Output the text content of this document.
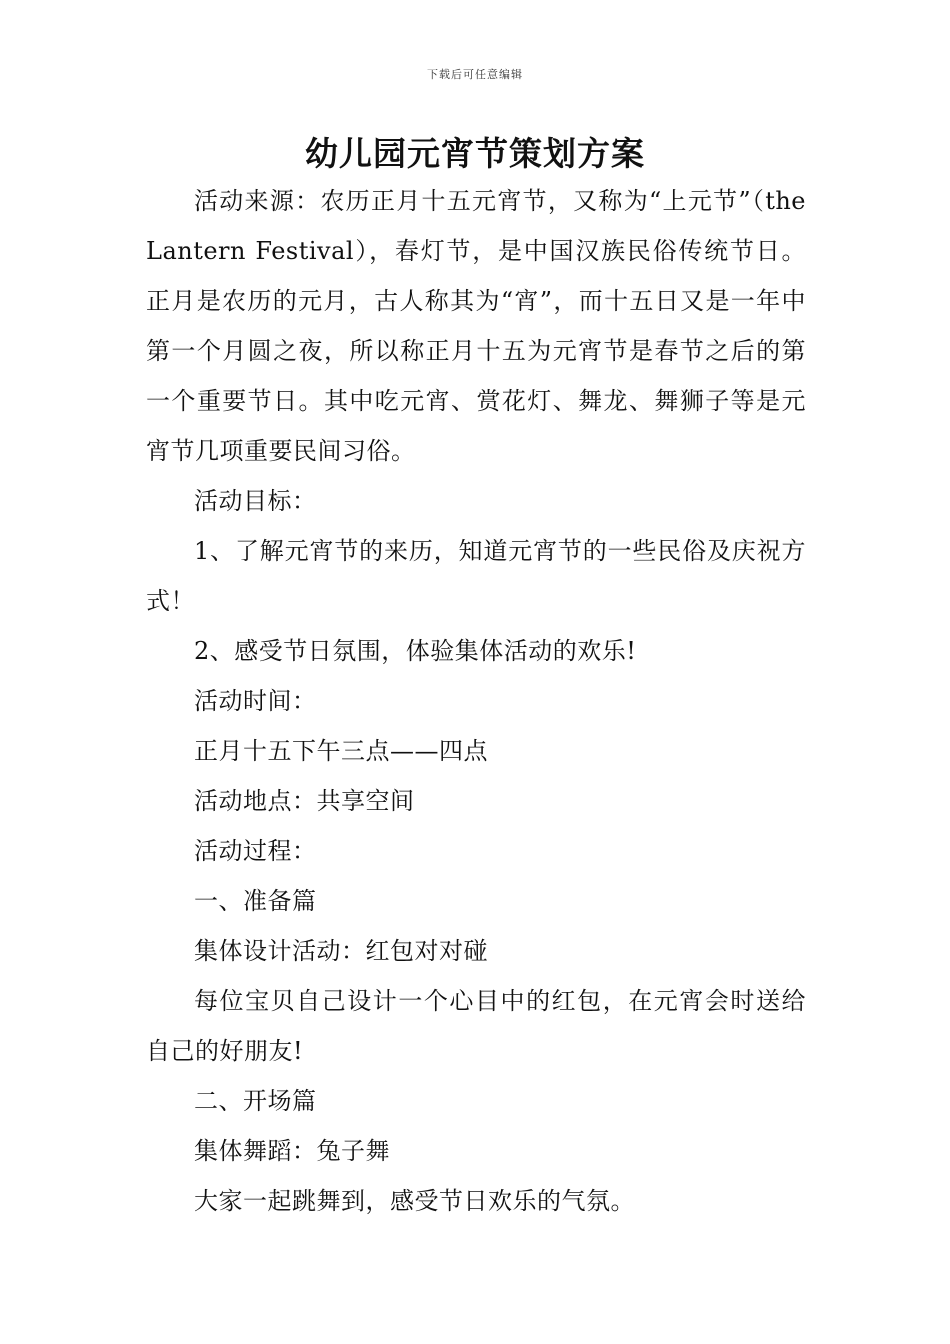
下载后可任意编辑
幼儿园元宵节策划方案

活动来源：农历正月十五元宵节，又称为“上元节”（the Lantern Festival），春灯节，是中国汉族民俗传统节日。正月是农历的元月，古人称其为“宵”，而十五日又是一年中第一个月圆之夜，所以称正月十五为元宵节是春节之后的第一个重要节日。其中吃元宵、赏花灯、舞龙、舞狮子等是元宵节几项重要民间习俗。

活动目标：

1、了解元宵节的来历，知道元宵节的一些民俗及庆祝方式！

2、感受节日氛围，体验集体活动的欢乐!

活动时间：

正月十五下午三点——四点

活动地点：共享空间

活动过程：

一、准备篇

集体设计活动：红包对对碰

每位宝贝自己设计一个心目中的红包，在元宵会时送给自己的好朋友!

二、开场篇

集体舞蹈：兔子舞

大家一起跳舞到，感受节日欢乐的气氛。
